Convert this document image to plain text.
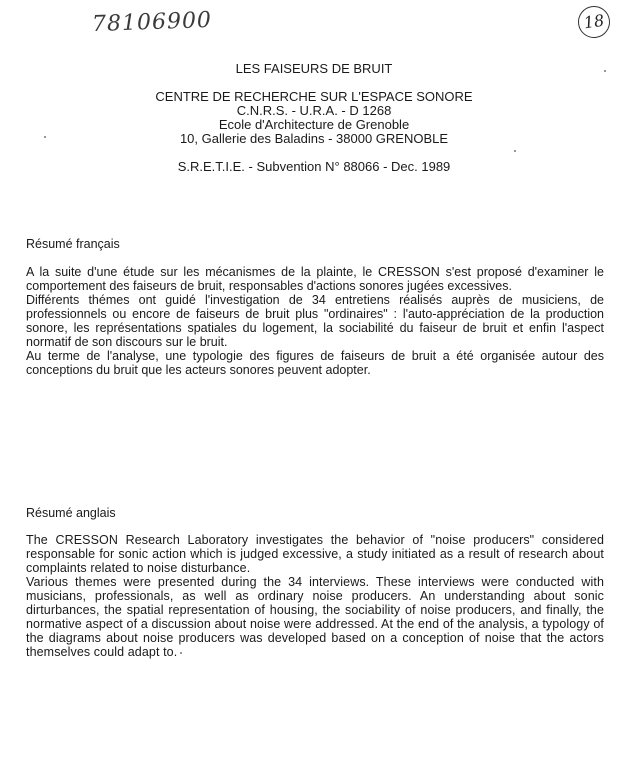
78106900	18
LES FAISEURS DE BRUIT
CENTRE DE RECHERCHE SUR L'ESPACE SONORE
C.N.R.S. - U.R.A. - D 1268
Ecole d'Architecture de Grenoble
10, Gallerie des Baladins - 38000 GRENOBLE
S.R.E.T.I.E. - Subvention N° 88066 - Dec. 1989
Résumé français

A la suite d'une étude sur les mécanismes de la plainte, le CRESSON s'est proposé d'examiner le comportement des faiseurs de bruit, responsables d'actions sonores jugées excessives.

Différents thémes ont guidé l'investigation de 34 entretiens réalisés auprès de musiciens, de professionnels ou encore de faiseurs de bruit plus "ordinaires" : l'auto-appréciation de la production sonore, les représentations spatiales du logement, la sociabilité du faiseur de bruit et enfin l'aspect normatif de son discours sur le bruit.

Au terme de l'analyse, une typologie des figures de faiseurs de bruit a été organisée autour des conceptions du bruit que les acteurs sonores peuvent adopter.

Résumé anglais

The CRESSON Research Laboratory investigates the behavior of "noise producers" considered responsable for sonic action which is judged excessive, a study initiated as a result of research about complaints related to noise disturbance.

Various themes were presented during the 34 interviews. These interviews were conducted with musicians, professionals, as well as ordinary noise producers. An understanding about sonic dirturbances, the spatial representation of housing, the sociability of noise producers, and finally, the normative aspect of a discussion about noise were addressed. At the end of the analysis, a typology of the diagrams about noise producers was developed based on a conception of noise that the actors themselves could adapt to.
